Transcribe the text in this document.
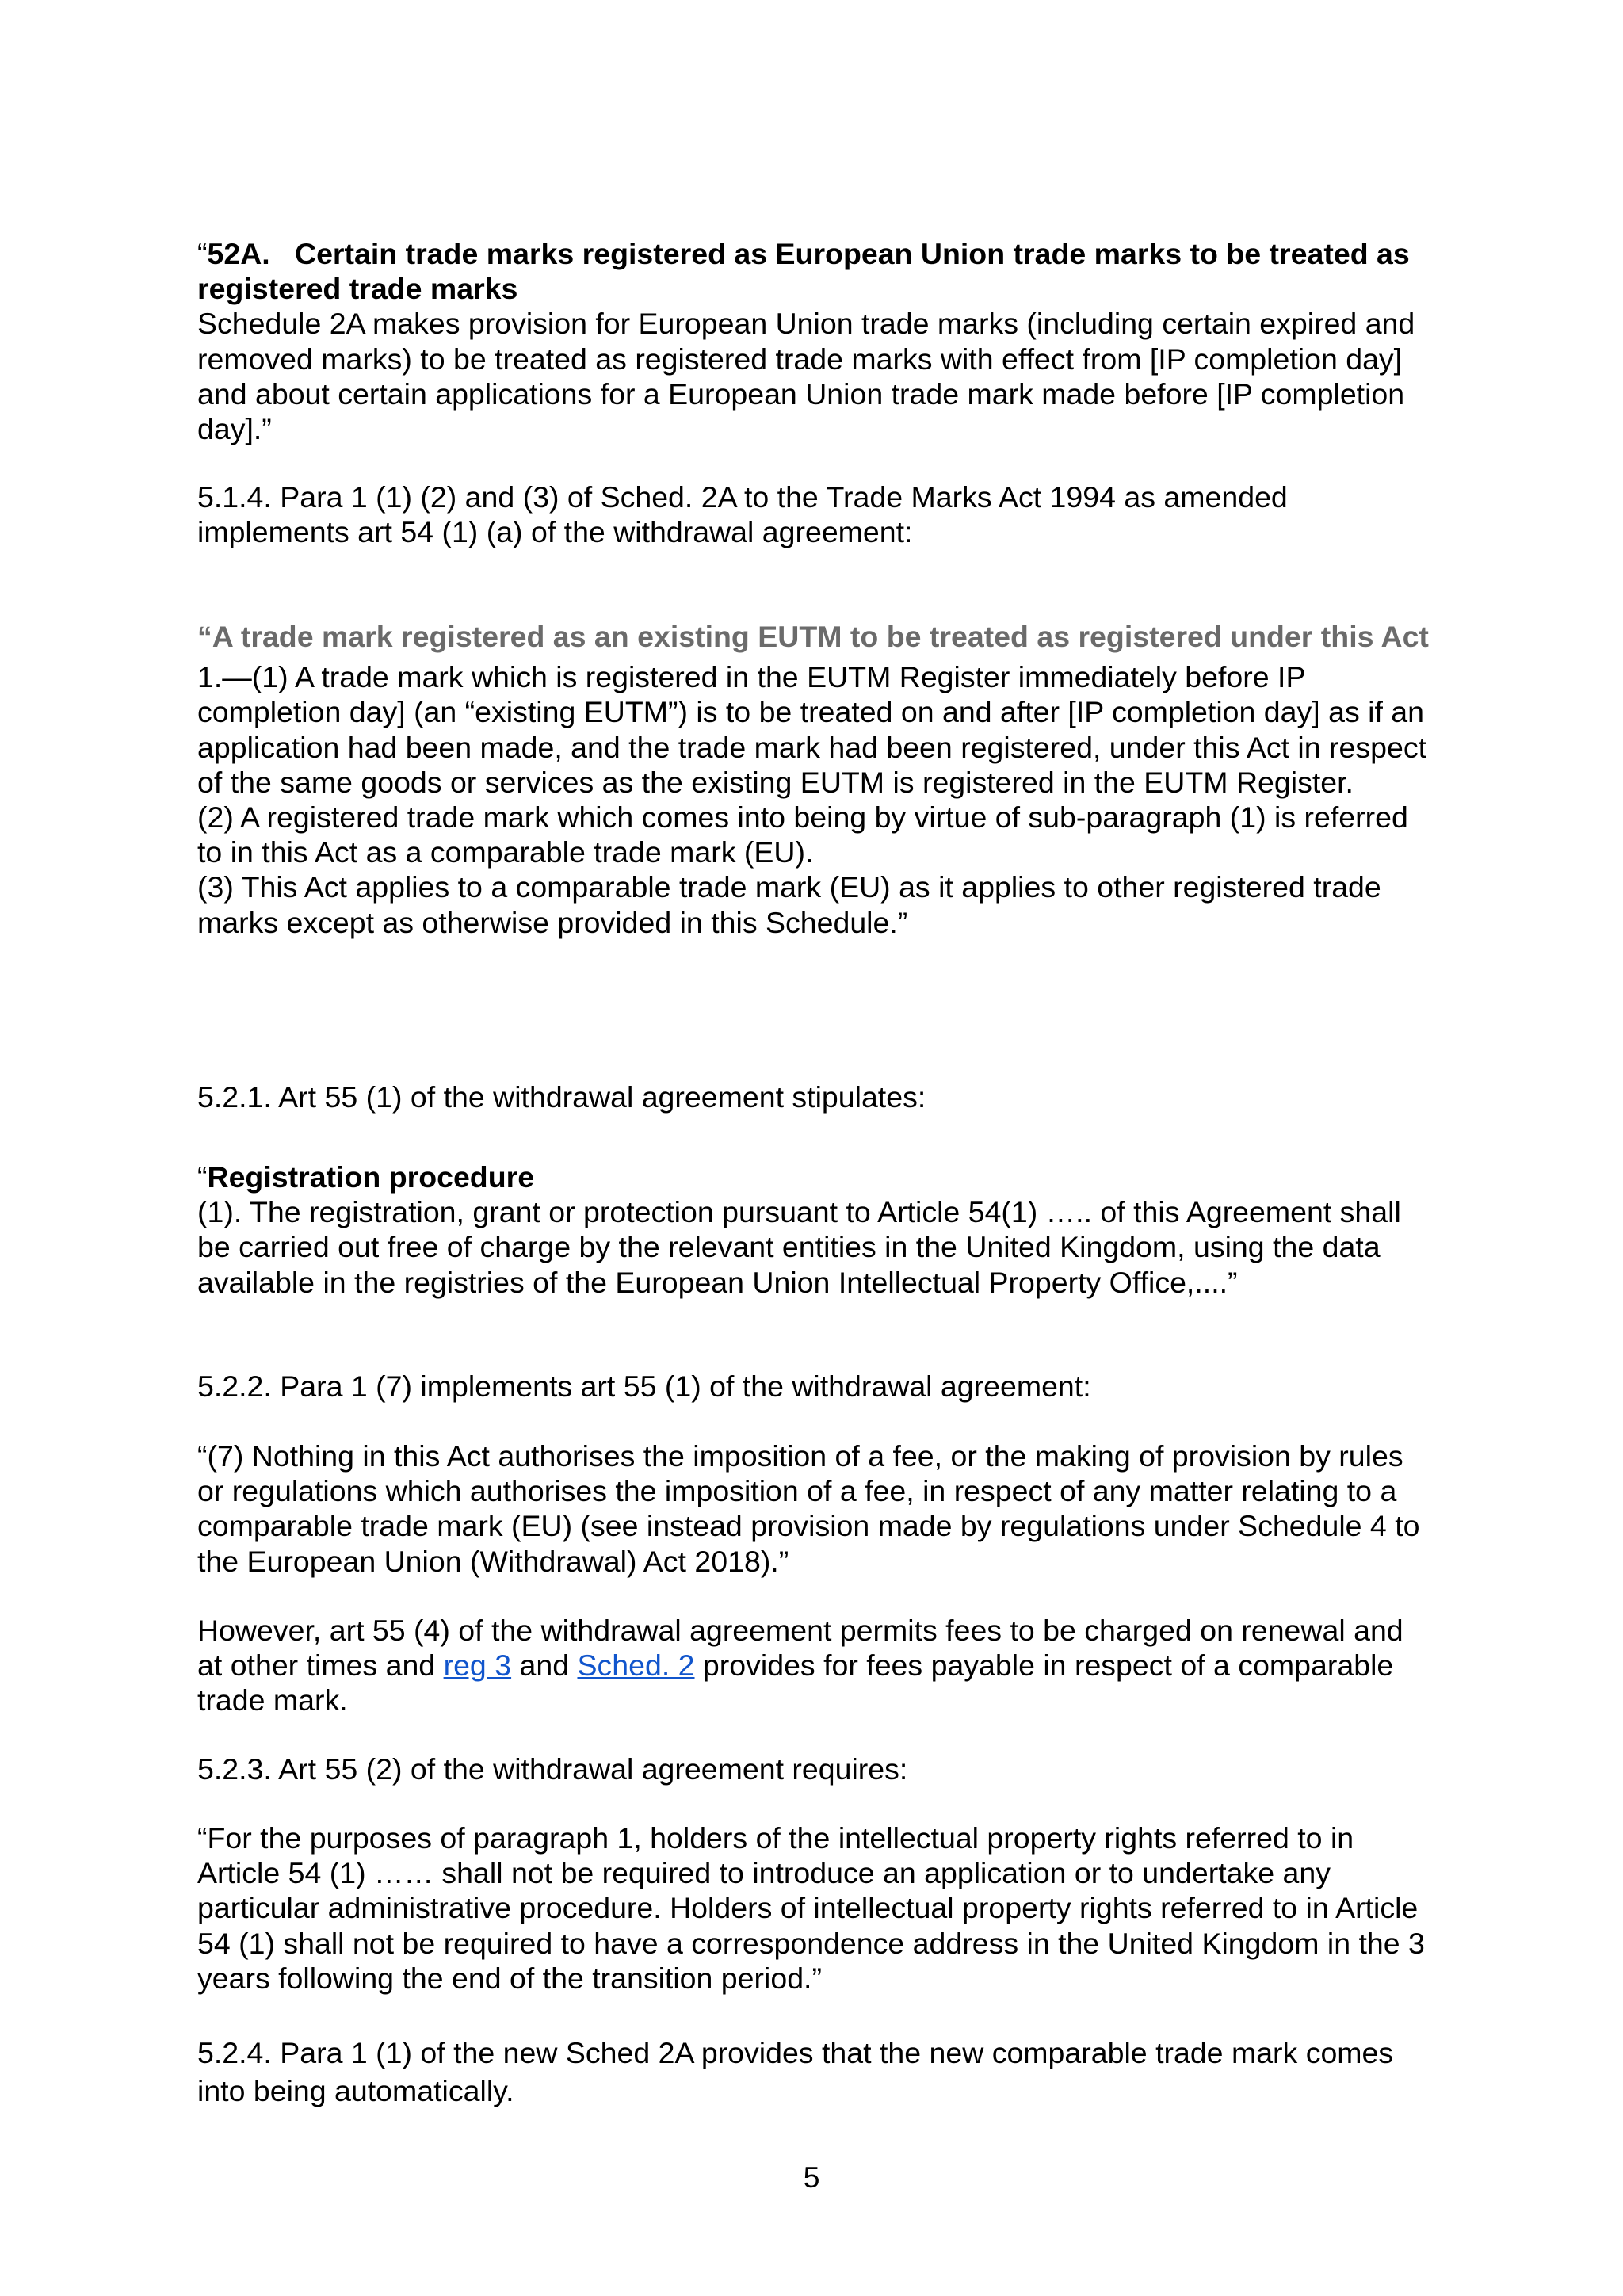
“52A. Certain trade marks registered as European Union trade marks to be treated as registered trade marks

Schedule 2A makes provision for European Union trade marks (including certain expired and removed marks) to be treated as registered trade marks with effect from [IP completion day] and about certain applications for a European Union trade mark made before [IP completion day].”

5.1.4. Para 1 (1) (2) and (3) of Sched. 2A to the Trade Marks Act 1994 as amended implements art 54 (1) (a) of the withdrawal agreement:

“A trade mark registered as an existing EUTM to be treated as registered under this Act

1.—(1) A trade mark which is registered in the EUTM Register immediately before IP completion day] (an “existing EUTM”) is to be treated on and after [IP completion day] as if an application had been made, and the trade mark had been registered, under this Act in respect of the same goods or services as the existing EUTM is registered in the EUTM Register.

(2) A registered trade mark which comes into being by virtue of sub-paragraph (1) is referred to in this Act as a comparable trade mark (EU).

(3) This Act applies to a comparable trade mark (EU) as it applies to other registered trade marks except as otherwise provided in this Schedule.”

5.2.1. Art 55 (1) of the withdrawal agreement stipulates:

“Registration procedure

(1). The registration, grant or protection pursuant to Article 54(1) ….. of this Agreement shall be carried out free of charge by the relevant entities in the United Kingdom, using the data available in the registries of the European Union Intellectual Property Office,....”

5.2.2. Para 1 (7) implements art 55 (1) of the withdrawal agreement:

“(7) Nothing in this Act authorises the imposition of a fee, or the making of provision by rules or regulations which authorises the imposition of a fee, in respect of any matter relating to a comparable trade mark (EU) (see instead provision made by regulations under Schedule 4 to the European Union (Withdrawal) Act 2018).”

However, art 55 (4) of the withdrawal agreement permits fees to be charged on renewal and at other times and reg 3 and Sched. 2 provides for fees payable in respect of a comparable trade mark.

5.2.3. Art 55 (2) of the withdrawal agreement requires:

“For the purposes of paragraph 1, holders of the intellectual property rights referred to in Article 54 (1) …… shall not be required to introduce an application or to undertake any particular administrative procedure. Holders of intellectual property rights referred to in Article 54 (1) shall not be required to have a correspondence address in the United Kingdom in the 3 years following the end of the transition period.”

5.2.4. Para 1 (1) of the new Sched 2A provides that the new comparable trade mark comes into being automatically.

5
